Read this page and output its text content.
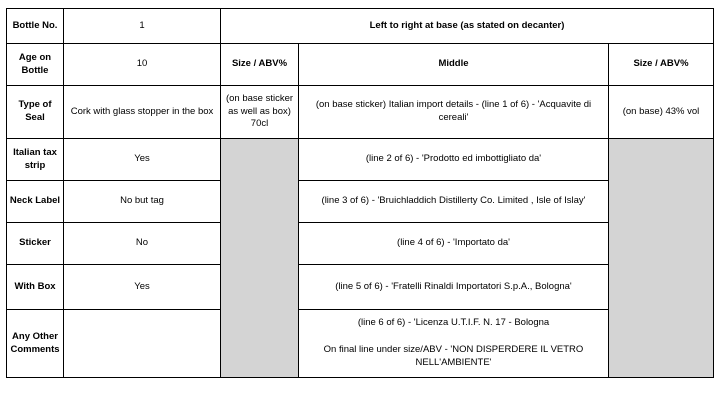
Bottle No.	1	Left to right at base (as stated on decanter)		
Age on Bottle	10	Size / ABV%	Middle	Size / ABV%
Type of Seal	Cork with glass stopper in the box	(on base sticker as well as box) 70cl	(on base sticker) Italian import details - (line 1 of 6) - 'Acquavite di cereali'	(on base) 43% vol
Italian tax strip	Yes		(line 2 of 6) - 'Prodotto ed imbottigliato da'	
Neck Label	No but tag		(line 3 of 6) - 'Bruichladdich Distillerty Co. Limited , Isle of Islay'	
Sticker	No		(line 4 of 6) - 'Importato da'	
With Box	Yes		(line 5 of 6) - 'Fratelli Rinaldi Importatori S.p.A., Bologna'	
Any Other Comments			(line 6 of 6) - 'Licenza U.T.I.F. N. 17 - Bologna
On final line under size/ABV - 'NON DISPERDERE IL VETRO NELL'AMBIENTE'	
